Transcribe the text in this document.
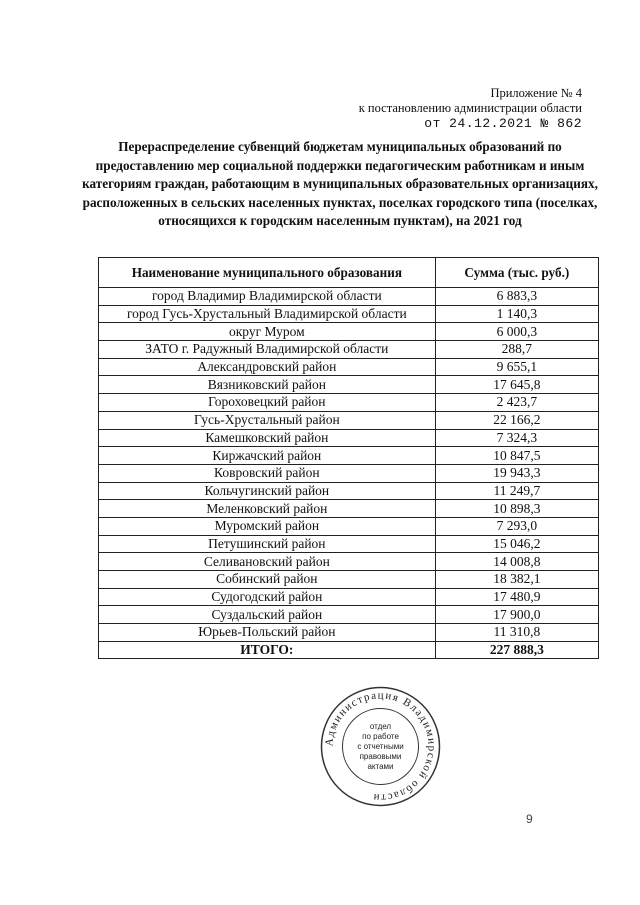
Приложение № 4
к постановлению администрации области
от 24.12.2021 № 862
Перераспределение субвенций бюджетам муниципальных образований по предоставлению мер социальной поддержки педагогическим работникам и иным категориям граждан, работающим в муниципальных образовательных организациях, расположенных в сельских населенных пунктах, поселках городского типа (поселках, относящихся к городским населенным пунктам), на 2021 год
Наименование муниципального образования	Сумма (тыс. руб.)
город Владимир Владимирской области	6 883,3
город Гусь-Хрустальный Владимирской области	1 140,3
округ Муром	6 000,3
ЗАТО г. Радужный Владимирской области	288,7
Александровский район	9 655,1
Вязниковский район	17 645,8
Гороховецкий район	2 423,7
Гусь-Хрустальный район	22 166,2
Камешковский район	7 324,3
Киржачский район	10 847,5
Ковровский район	19 943,3
Кольчугинский район	11 249,7
Меленковский район	10 898,3
Муромский район	7 293,0
Петушинский район	15 046,2
Селивановский район	14 008,8
Собинский район	18 382,1
Судогодский район	17 480,9
Суздальский район	17 900,0
Юрьев-Польский район	11 310,8
ИТОГО:	227 888,3
Администрация Владимирской области
отдел
по работе
с отчетными
правовыми
актами
9
